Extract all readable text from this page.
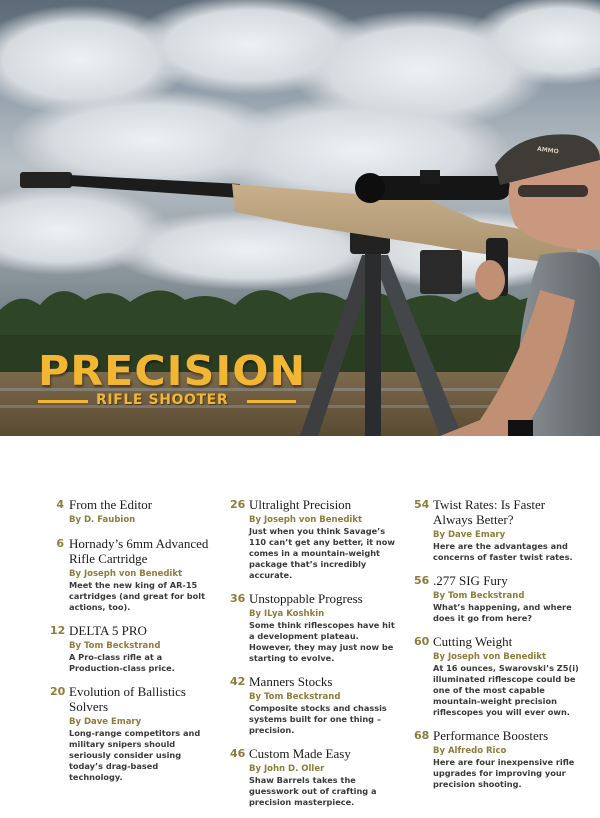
PRECISION
RIFLE SHOOTER
AMMO
4 From the Editor
By D. Faubion
6 Hornady’s 6mm Advanced Rifle Cartridge
By Joseph von Benedikt
Meet the new king of AR-15 cartridges (and great for bolt actions, too).
12 DELTA 5 PRO
By Tom Beckstrand
A Pro-class rifle at a Production-class price.
20 Evolution of Ballistics Solvers
By Dave Emary
Long-range competitors and military snipers should seriously consider using today’s drag-based technology.
26 Ultralight Precision
By Joseph von Benedikt
Just when you think Savage’s 110 can’t get any better, it now comes in a mountain-weight package that’s incredibly accurate.
36 Unstoppable Progress
By ILya Koshkin
Some think riflescopes have hit a development plateau. However, they may just now be starting to evolve.
42 Manners Stocks
By Tom Beckstrand
Composite stocks and chassis systems built for one thing – precision.
46 Custom Made Easy
By John D. Oller
Shaw Barrels takes the guesswork out of crafting a precision masterpiece.
54 Twist Rates: Is Faster Always Better?
By Dave Emary
Here are the advantages and concerns of faster twist rates.
56 .277 SIG Fury
By Tom Beckstrand
What’s happening, and where does it go from here?
60 Cutting Weight
By Joseph von Benedikt
At 16 ounces, Swarovski’s Z5(i) illuminated riflescope could be one of the most capable mountain-weight precision riflescopes you will ever own.
68 Performance Boosters
By Alfredo Rico
Here are four inexpensive rifle upgrades for improving your precision shooting.
